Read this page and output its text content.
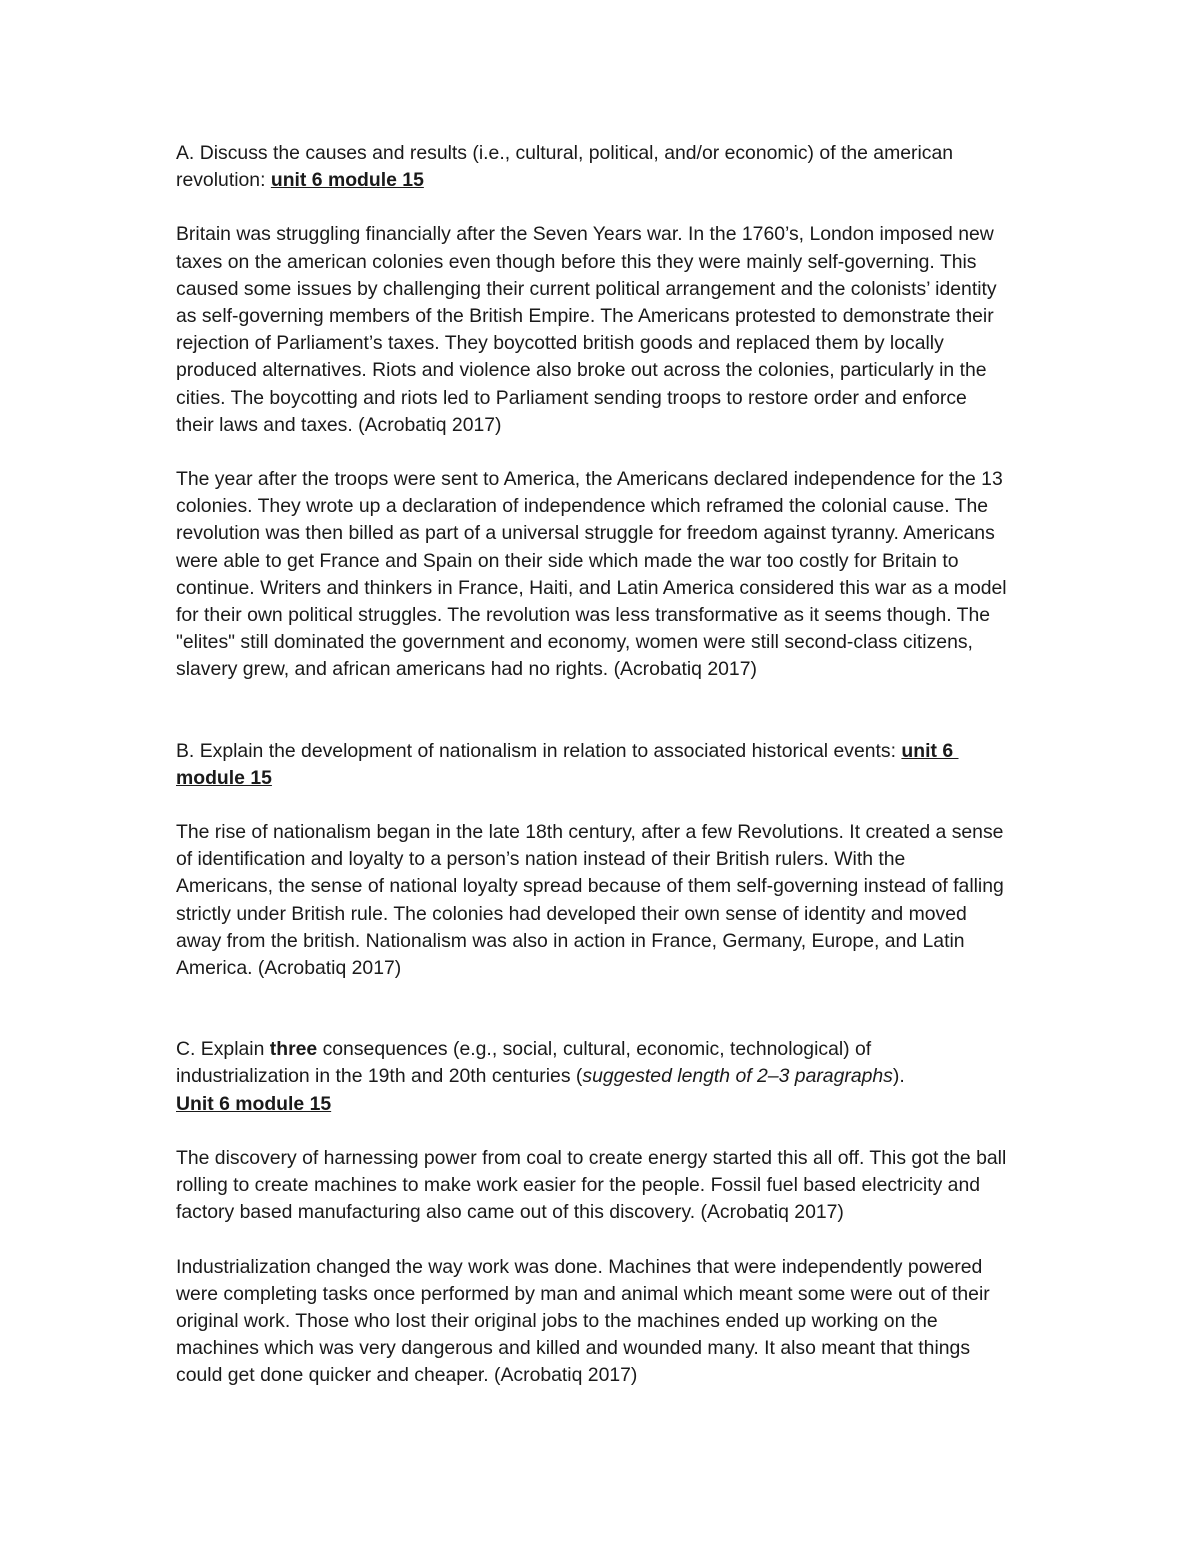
A. Discuss the causes and results (i.e., cultural, political, and/or economic) of the american
revolution: unit 6 module 15

Britain was struggling financially after the Seven Years war. In the 1760’s, London imposed new
taxes on the american colonies even though before this they were mainly self-governing. This
caused some issues by challenging their current political arrangement and the colonists’ identity
as self-governing members of the British Empire. The Americans protested to demonstrate their
rejection of Parliament’s taxes. They boycotted british goods and replaced them by locally
produced alternatives. Riots and violence also broke out across the colonies, particularly in the
cities. The boycotting and riots led to Parliament sending troops to restore order and enforce
their laws and taxes. (Acrobatiq 2017)

The year after the troops were sent to America, the Americans declared independence for the 13
colonies. They wrote up a declaration of independence which reframed the colonial cause. The
revolution was then billed as part of a universal struggle for freedom against tyranny. Americans
were able to get France and Spain on their side which made the war too costly for Britain to
continue. Writers and thinkers in France, Haiti, and Latin America considered this war as a model
for their own political struggles. The revolution was less transformative as it seems though. The
"elites" still dominated the government and economy, women were still second-class citizens,
slavery grew, and african americans had no rights. (Acrobatiq 2017)

B. Explain the development of nationalism in relation to associated historical events: unit 6
module 15

The rise of nationalism began in the late 18th century, after a few Revolutions. It created a sense
of identification and loyalty to a person’s nation instead of their British rulers. With the
Americans, the sense of national loyalty spread because of them self-governing instead of falling
strictly under British rule. The colonies had developed their own sense of identity and moved
away from the british. Nationalism was also in action in France, Germany, Europe, and Latin
America. (Acrobatiq 2017)

C. Explain three consequences (e.g., social, cultural, economic, technological) of
industrialization in the 19th and 20th centuries (suggested length of 2–3 paragraphs).
Unit 6 module 15

The discovery of harnessing power from coal to create energy started this all off. This got the ball
rolling to create machines to make work easier for the people. Fossil fuel based electricity and
factory based manufacturing also came out of this discovery. (Acrobatiq 2017)

Industrialization changed the way work was done. Machines that were independently powered
were completing tasks once performed by man and animal which meant some were out of their
original work. Those who lost their original jobs to the machines ended up working on the
machines which was very dangerous and killed and wounded many. It also meant that things
could get done quicker and cheaper. (Acrobatiq 2017)
